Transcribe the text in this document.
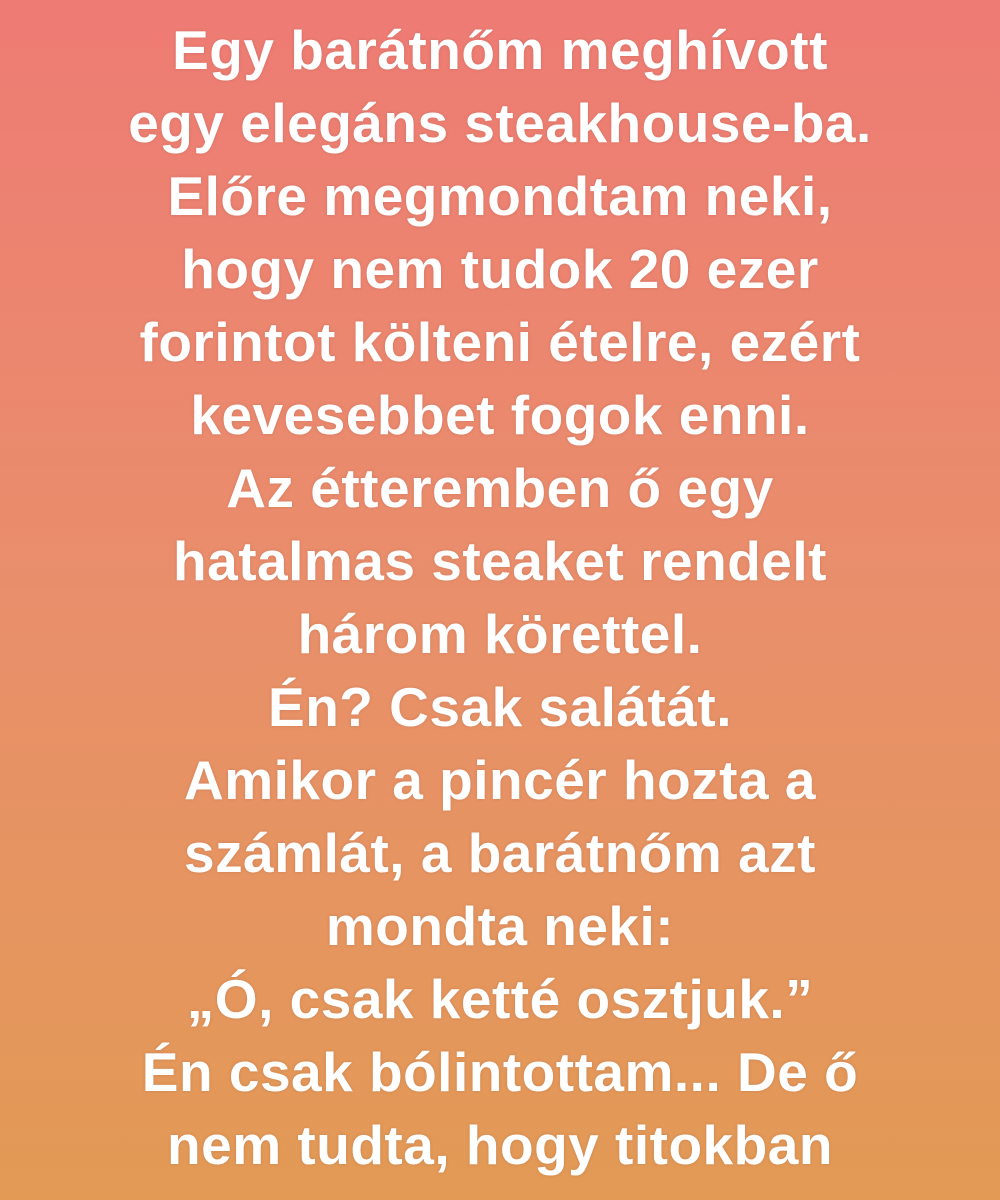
Egy barátnőm meghívott
egy elegáns steakhouse-ba.
Előre megmondtam neki,
hogy nem tudok 20 ezer
forintot költeni ételre, ezért
kevesebbet fogok enni.
Az étteremben ő egy
hatalmas steaket rendelt
három körettel.
Én? Csak salátát.
Amikor a pincér hozta a
számlát, a barátnőm azt
mondta neki:
„Ó, csak ketté osztjuk.”
Én csak bólintottam... De ő
nem tudta, hogy titokban
